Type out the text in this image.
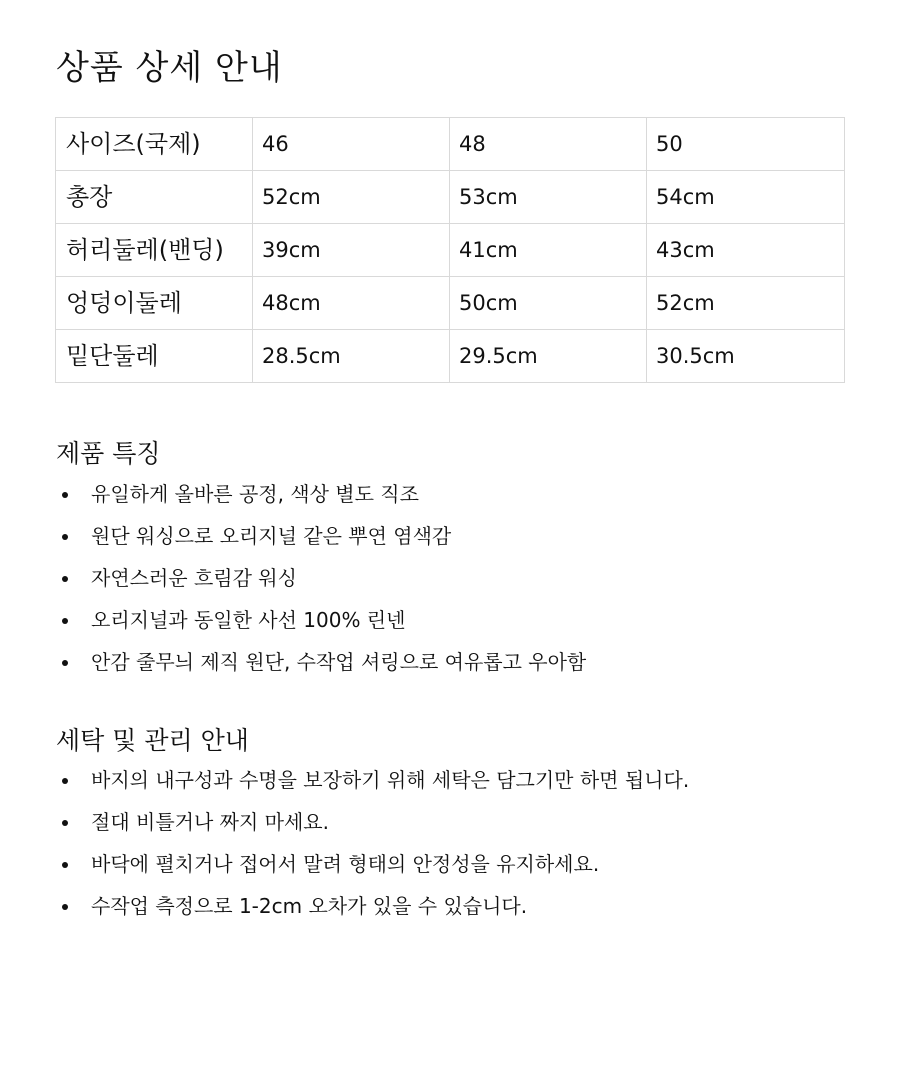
상품 상세 안내
사이즈(국제)	46	48	50
총장	52cm	53cm	54cm
허리둘레(밴딩)	39cm	41cm	43cm
엉덩이둘레	48cm	50cm	52cm
밑단둘레	28.5cm	29.5cm	30.5cm
제품 특징
유일하게 올바른 공정, 색상 별도 직조
원단 워싱으로 오리지널 같은 뿌연 염색감
자연스러운 흐림감 워싱
오리지널과 동일한 사선 100% 린넨
안감 줄무늬 제직 원단, 수작업 셔링으로 여유롭고 우아함
세탁 및 관리 안내
바지의 내구성과 수명을 보장하기 위해 세탁은 담그기만 하면 됩니다.
절대 비틀거나 짜지 마세요.
바닥에 펼치거나 접어서 말려 형태의 안정성을 유지하세요.
수작업 측정으로 1-2cm 오차가 있을 수 있습니다.
